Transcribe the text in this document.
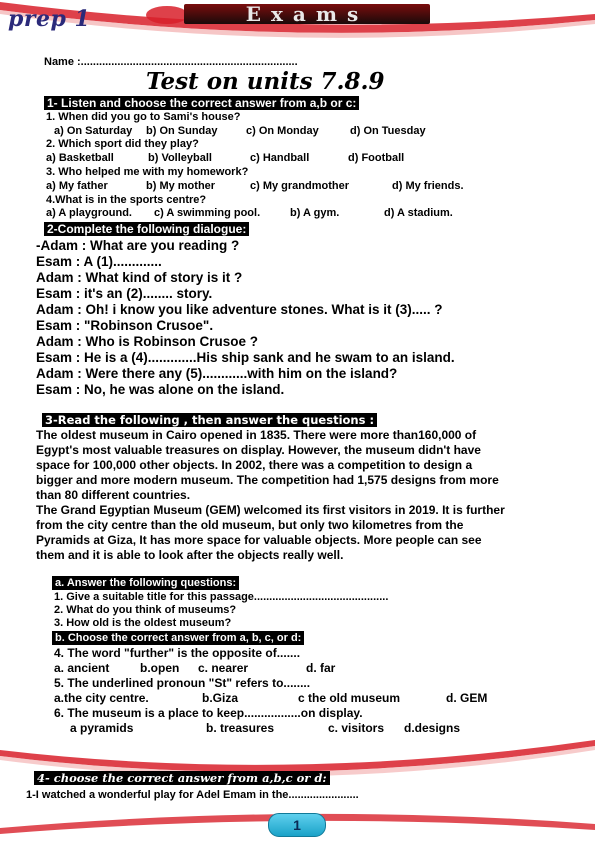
prep 1	Exams
Name :.......................................................................
Test on units 7.8.9
1- Listen and choose the correct answer from a,b or c:
1. When did you go to Sami's house?
a) On Saturday b) On Sunday	c) On Monday	d) On Tuesday
2. Which sport did they play?
a) Basketball	b) Volleyball	c) Handball	d) Football
3. Who helped me with my homework?
a) My father	b) My mother	c) My grandmother	d) My friends.
4.What is in the sports centre?
a) A playground. c) A swimming pool.	b) A gym.	d) A stadium.
2-Complete the following dialogue:
-Adam : What are you reading ?
Esam : A (1).............
Adam : What kind of story is it ?
Esam : it's an (2)........ story.
Adam : Oh! i know you like adventure stones. What is it (3)..... ?
Esam : "Robinson Crusoe".
Adam : Who is Robinson Crusoe ?
Esam : He is a (4).............His ship sank and he swam to an island.
Adam : Were there any (5)............with him on the island?
Esam : No, he was alone on the island.
3-Read the following , then answer the questions :
The oldest museum in Cairo opened in 1835. There were more than160,000 of
Egypt's most valuable treasures on display. However, the museum didn't have
space for 100,000 other objects. In 2002, there was a competition to design a
bigger and more modern museum. The competition had 1,575 designs from more
than 80 different countries.
The Grand Egyptian Museum (GEM) welcomed its first visitors in 2019. It is further
from the city centre than the old museum, but only two kilometres from the
Pyramids at Giza, It has more space for valuable objects. More people can see
them and it is able to look after the objects really well.
a. Answer the following questions:
1. Give a suitable title for this passage............................................
2. What do you think of museums?
3. How old is the oldest museum?
b. Choose the correct answer from a, b, c, or d:
4. The word "further" is the opposite of.......
a. ancient	b.open c. nearer	d. far
5. The underlined pronoun "St" refers to........
a.the city centre.	b.Giza	c the old museum	d. GEM
6. The museum is a place to keep.................on display.
a pyramids	b. treasures	c. visitors d.designs
4- choose the correct answer from a,b,c or d:
1-I watched a wonderful play for Adel Emam in the.......................
1
